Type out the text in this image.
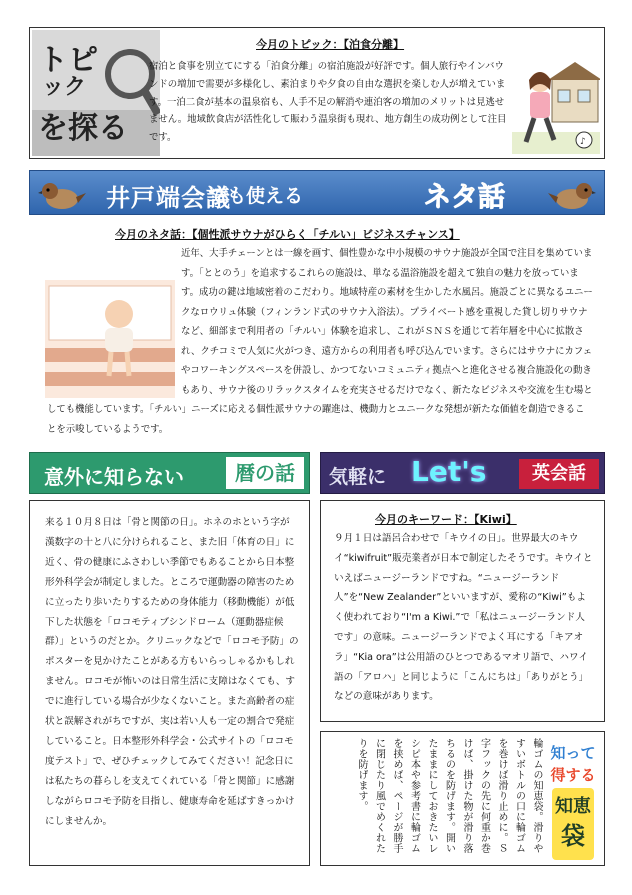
トピ
ック
を探る
今月のトピック：【泊食分離】
宿泊と食事を別立てにする「泊食分離」の宿泊施設が好評です。個人旅行やインバウンドの増加で需要が多様化し、素泊まりや夕食の自由な選択を楽しむ人が増えています。一泊二食が基本の温泉宿も、人手不足の解消や連泊客の増加のメリットは見逃せません。地域飲食店が活性化して賑わう温泉街も現れ、地方創生の成功例として注目です。	♪
井戸端会議
でも使える	ネタ話
今月のネタ話：【個性派サウナがひらく「チルい」ビジネスチャンス】
近年、大手チェーンとは一線を画す、個性豊かな中小規模のサウナ施設が全国で注目を集めています。「ととのう」を追求するこれらの施設は、単なる温浴施設を超えて独自の魅力を放っています。成功の鍵は地域密着のこだわり。地域特産の素材を生かした水風呂。施設ごとに異なるユニークなロウリュ体験（フィンランド式のサウナ入浴法）。プライベート感を重視した貸し切りサウナなど、細部まで利用者の「チルい」体験を追求し、これがＳＮＳを通じて若年層を中心に拡散され、クチコミで人気に火がつき、遠方からの利用者も呼び込んでいます。さらにはサウナにカフェやコワーキングスペースを併設し、かつてないコミュニティ拠点へと進化させる複合施設化の動きもあり、サウナ後のリラックスタイムを充実させるだけでなく、新たなビジネスや交流を生む場としても機能しています。「チルい」ニーズに応える個性派サウナの躍進は、機動力とユニークな発想が新たな価値を創造できることを示唆しているようです。
意外に知らない	暦の話	気軽に Let's	英会話
来る１０月８日は「骨と関節の日」。ホネのホという字が漢数字の十と八に分けられること、また旧「体育の日」に近く、骨の健康にふさわしい季節でもあることから日本整形外科学会が制定しました。ところで運動器の障害のために立ったり歩いたりするための身体能力（移動機能）が低下した状態を「ロコモティブシンドローム（運動器症候群）」というのだとか。クリニックなどで「ロコモ予防」のポスターを見かけたことがある方もいらっしゃるかもしれません。ロコモが怖いのは日常生活に支障はなくても、すでに進行している場合が少なくないこと。また高齢者の症状と誤解されがちですが、実は若い人も一定の割合で発症していること。日本整形外科学会・公式サイトの「ロコモ度テスト」で、ぜひチェックしてみてください！記念日には私たちの暮らしを支えてくれている「骨と関節」に感謝しながらロコモ予防を目指し、健康寿命を延ばすきっかけにしませんか。
今月のキーワード：【Kiwi】
９月１日は語呂合わせで「キウイの日」。世界最大のキウイ“kiwifruit”販売業者が日本で制定したそうです。キウイといえばニュージーランドですね。“ニュージーランド人”を“New Zealander”といいますが、愛称の“Kiwi”もよく使われており“I'm a Kiwi.”で「私はニュージーランド人です」の意味。ニュージーランドでよく耳にする「キアオラ」“Kia ora”は公用語のひとつであるマオリ語で、ハワイ語の「アロハ」と同じように「こんにちは」「ありがとう」などの意味があります。
輪ゴムの知恵袋。滑りやすいボトルの口に輪ゴムを巻けば滑り止めに。Ｓ字フックの先に何重か巻けば、掛けた物が滑り落ちるのを防げます。開いたままにしておきたいレシピ本や参考書に輪ゴムを挟めば、ページが勝手に閉じたり風でめくれたりを防げます。	知って
得する
知恵
袋
